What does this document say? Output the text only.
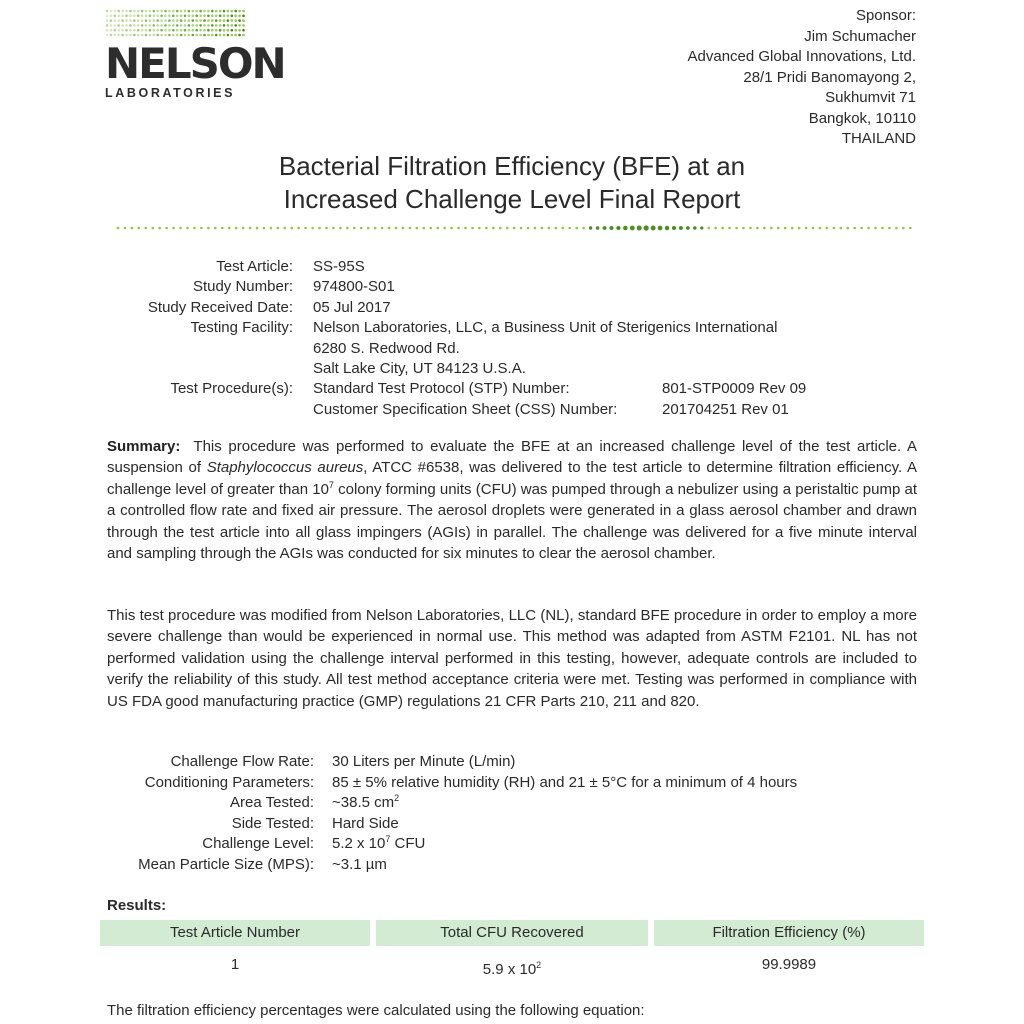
NELSON
LABORATORIES
Sponsor:
Jim Schumacher
Advanced Global Innovations, Ltd.
28/1 Pridi Banomayong 2,
Sukhumvit 71
Bangkok, 10110
THAILAND
Bacterial Filtration Efficiency (BFE) at an
Increased Challenge Level Final Report
Test Article: SS-95S
Study Number: 974800-S01
Study Received Date: 05 Jul 2017
Testing Facility: Nelson Laboratories, LLC, a Business Unit of Sterigenics International
6280 S. Redwood Rd.
Salt Lake City, UT 84123 U.S.A.
Test Procedure(s): Standard Test Protocol (STP) Number:	801-STP0009 Rev 09
Customer Specification Sheet (CSS) Number:	201704251 Rev 01
Summary: This procedure was performed to evaluate the BFE at an increased challenge level of the test article. A suspension of Staphylococcus aureus, ATCC #6538, was delivered to the test article to determine filtration efficiency. A challenge level of greater than $10^7$ colony forming units (CFU) was pumped through a nebulizer using a peristaltic pump at a controlled flow rate and fixed air pressure. The aerosol droplets were generated in a glass aerosol chamber and drawn through the test article into all glass impingers (AGIs) in parallel. The challenge was delivered for a five minute interval and sampling through the AGIs was conducted for six minutes to clear the aerosol chamber.
This test procedure was modified from Nelson Laboratories, LLC (NL), standard BFE procedure in order to employ a more severe challenge than would be experienced in normal use. This method was adapted from ASTM F2101. NL has not performed validation using the challenge interval performed in this testing, however, adequate controls are included to verify the reliability of this study. All test method acceptance criteria were met. Testing was performed in compliance with US FDA good manufacturing practice (GMP) regulations 21 CFR Parts 210, 211 and 820.
Challenge Flow Rate: 30 Liters per Minute (L/min)
Conditioning Parameters: 85 ± 5% relative humidity (RH) and 21 ± 5°C for a minimum of 4 hours
Area Tested: ~38.5 $cm^2$
Side Tested: Hard Side
Challenge Level: 5.2 x $10^7$ CFU
Mean Particle Size (MPS): ~3.1 µm
Results:
Test Article Number	Total CFU Recovered	Filtration Efficiency (%)
1	5.9 x $10^2$	99.9989
The filtration efficiency percentages were calculated using the following equation:
